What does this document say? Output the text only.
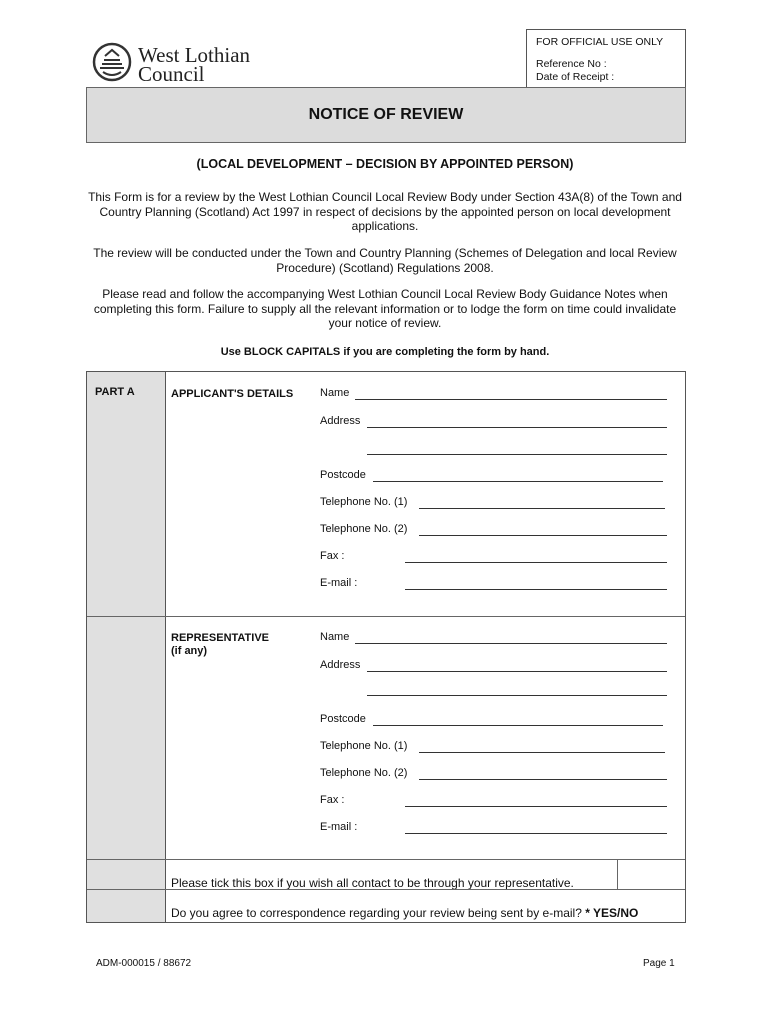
West Lothian
Council
FOR OFFICIAL USE ONLY
Reference No :
Date of Receipt :
NOTICE OF REVIEW
(LOCAL DEVELOPMENT – DECISION BY APPOINTED PERSON)
This Form is for a review by the West Lothian Council Local Review Body under Section 43A(8) of the Town and Country Planning (Scotland) Act 1997 in respect of decisions by the appointed person on local development applications.
The review will be conducted under the Town and Country Planning (Schemes of Delegation and local Review Procedure) (Scotland) Regulations 2008.
Please read and follow the accompanying West Lothian Council Local Review Body Guidance Notes when completing this form. Failure to supply all the relevant information or to lodge the form on time could invalidate your notice of review.
Use BLOCK CAPITALS if you are completing the form by hand.
PART A	APPLICANT'S DETAILS Name
Address
Postcode
Telephone No. (1)
Telephone No. (2)
Fax :
E-mail :
REPRESENTATIVE
(if any)
Name
Address
Postcode
Telephone No. (1)
Telephone No. (2)
Fax :
E-mail :
Please tick this box if you wish all contact to be through your representative.
Do you agree to correspondence regarding your review being sent by e-mail? * YES/NO
ADM-000015 / 88672	Page 1
